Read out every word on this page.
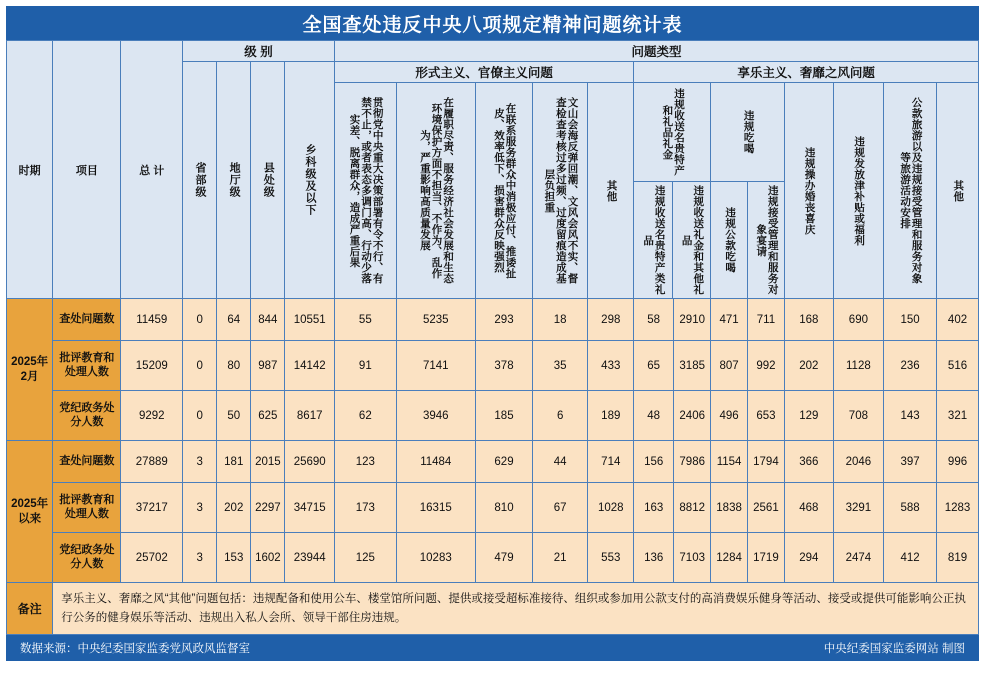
全国查处违反中央八项规定精神问题统计表
时期	项目	总 计	级 别	问题类型

省部级	地厅级	县处级	乡科级及以下
	形式主义、官僚主义问题	享乐主义、奢靡之风问题

贯彻党中央重大决策部署有令不行、有禁不止，或者表态多调门高、行动少落实差、脱离群众，造成严重后果	在履职尽责、服务经济社会发展和生态环境保护方面不担当、不作为、乱作为，严重影响高质量发展	在联系服务群众中消极应付、推诿扯皮、效率低下、损害群众反映强烈	文山会海反弹回潮、文风会风不实、督查检查考核过多过频、过度留痕造成基层负担重	其他

违规收送名贵特产和礼品礼金

违规收送名贵特产类礼品	违规收送礼金和其他礼品

违规吃喝

违规公款吃喝	违规接受管理和服务对象宴请

违规操办婚丧喜庆	违规发放津补贴或福利	公款旅游以及违规接受管理和服务对象等旅游活动安排	其他

2025年2月	查处问题数	11459	0	64	844	10551	55	5235	293	18	298	58	2910	471	711	168	690	150	402
批评教育和处理人数	15209	0	80	987	14142	91	7141	378	35	433	65	3185	807	992	202	1128	236	516
党纪政务处分人数	9292	0	50	625	8617	62	3946	185	6	189	48	2406	496	653	129	708	143	321
2025年以来	查处问题数	27889	3	181	2015	25690	123	11484	629	44	714	156	7986	1154	1794	366	2046	397	996
批评教育和处理人数	37217	3	202	2297	34715	173	16315	810	67	1028	163	8812	1838	2561	468	3291	588	1283
党纪政务处分人数	25702	3	153	1602	23944	125	10283	479	21	553	136	7103	1284	1719	294	2474	412	819
备注	享乐主义、奢靡之风“其他”问题包括：违规配备和使用公车、楼堂馆所问题、提供或接受超标准接待、组织或参加用公款支付的高消费娱乐健身等活动、接受或提供可能影响公正执行公务的健身娱乐等活动、违规出入私人会所、领导干部住房违规。
数据来源：中央纪委国家监委党风政风监督室	中央纪委国家监委网站 制图
